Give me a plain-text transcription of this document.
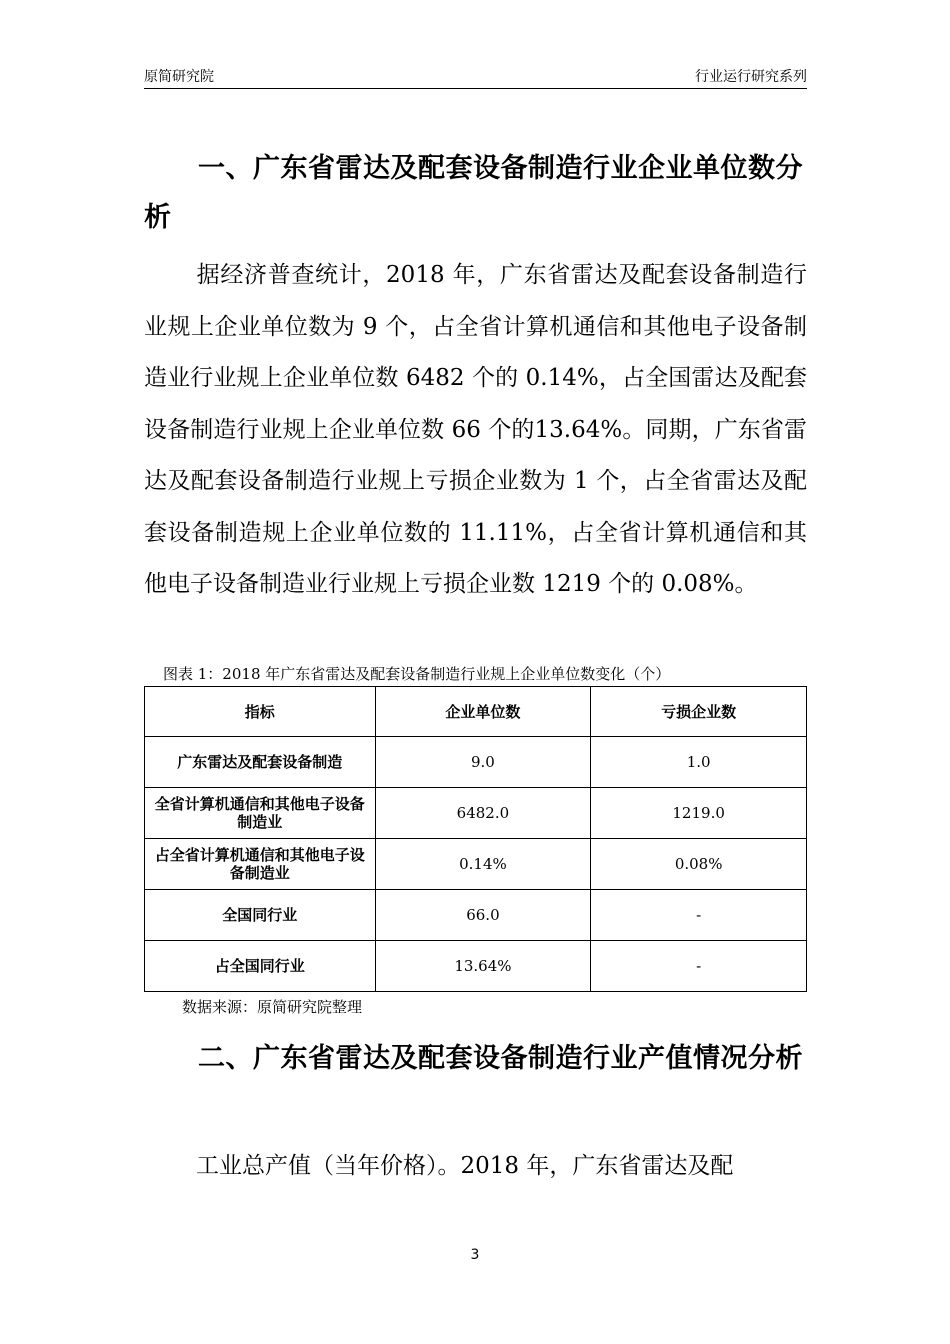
原简研究院	行业运行研究系列
一、广东省雷达及配套设备制造行业企业单位数分析
据经济普查统计，2018 年，广东省雷达及配套设备制造行业规上企业单位数为 9 个，占全省计算机通信和其他电子设备制造业行业规上企业单位数 6482 个的 0.14%，占全国雷达及配套设备制造行业规上企业单位数 66 个的13.64%。同期，广东省雷达及配套设备制造行业规上亏损企业数为 1 个，占全省雷达及配套设备制造规上企业单位数的 11.11%，占全省计算机通信和其他电子设备制造业行业规上亏损企业数 1219 个的 0.08%。
图表 1：2018 年广东省雷达及配套设备制造行业规上企业单位数变化（个）
指标	企业单位数	亏损企业数
广东雷达及配套设备制造	9.0	1.0
全省计算机通信和其他电子设备制造业	6482.0	1219.0
占全省计算机通信和其他电子设备制造业	0.14%	0.08%
全国同行业	66.0	-
占全国同行业	13.64%	-
数据来源：原简研究院整理
二、广东省雷达及配套设备制造行业产值情况分析
工业总产值（当年价格）。2018 年，广东省雷达及配
3
